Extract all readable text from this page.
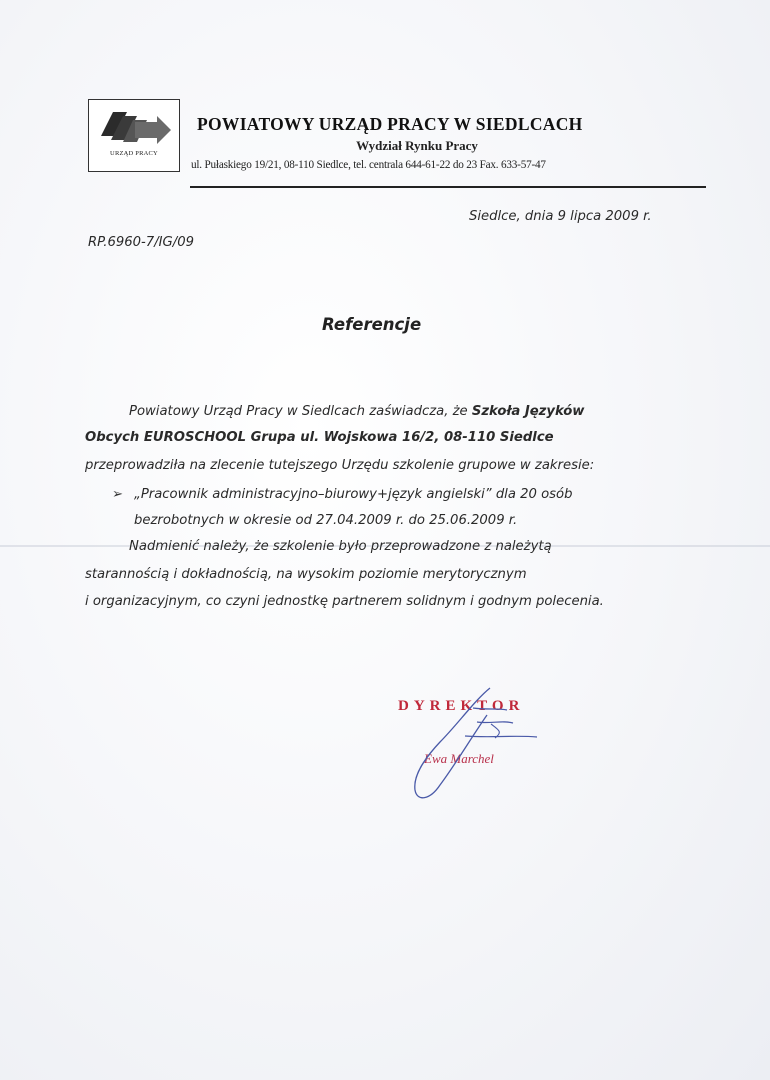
URZĄD PRACY
POWIATOWY URZĄD PRACY W SIEDLCACH
Wydział Rynku Pracy
ul. Pułaskiego 19/21, 08-110 Siedlce, tel. centrala 644-61-22 do 23 Fax. 633-57-47
Siedlce, dnia 9 lipca 2009 r.
RP.6960-7/IG/09
Referencje
Powiatowy Urząd Pracy w Siedlcach zaświadcza, że Szkoła Języków
Obcych EUROSCHOOL Grupa ul. Wojskowa 16/2, 08-110 Siedlce
przeprowadziła na zlecenie tutejszego Urzędu szkolenie grupowe w zakresie:
➢ „Pracownik administracyjno–biurowy+język angielski” dla 20 osób
bezrobotnych w okresie od 27.04.2009 r. do 25.06.2009 r.
Nadmienić należy, że szkolenie było przeprowadzone z należytą
starannością i dokładnością, na wysokim poziomie merytorycznym
i organizacyjnym, co czyni jednostkę partnerem solidnym i godnym polecenia.
DYREKTOR
Ewa Marchel
